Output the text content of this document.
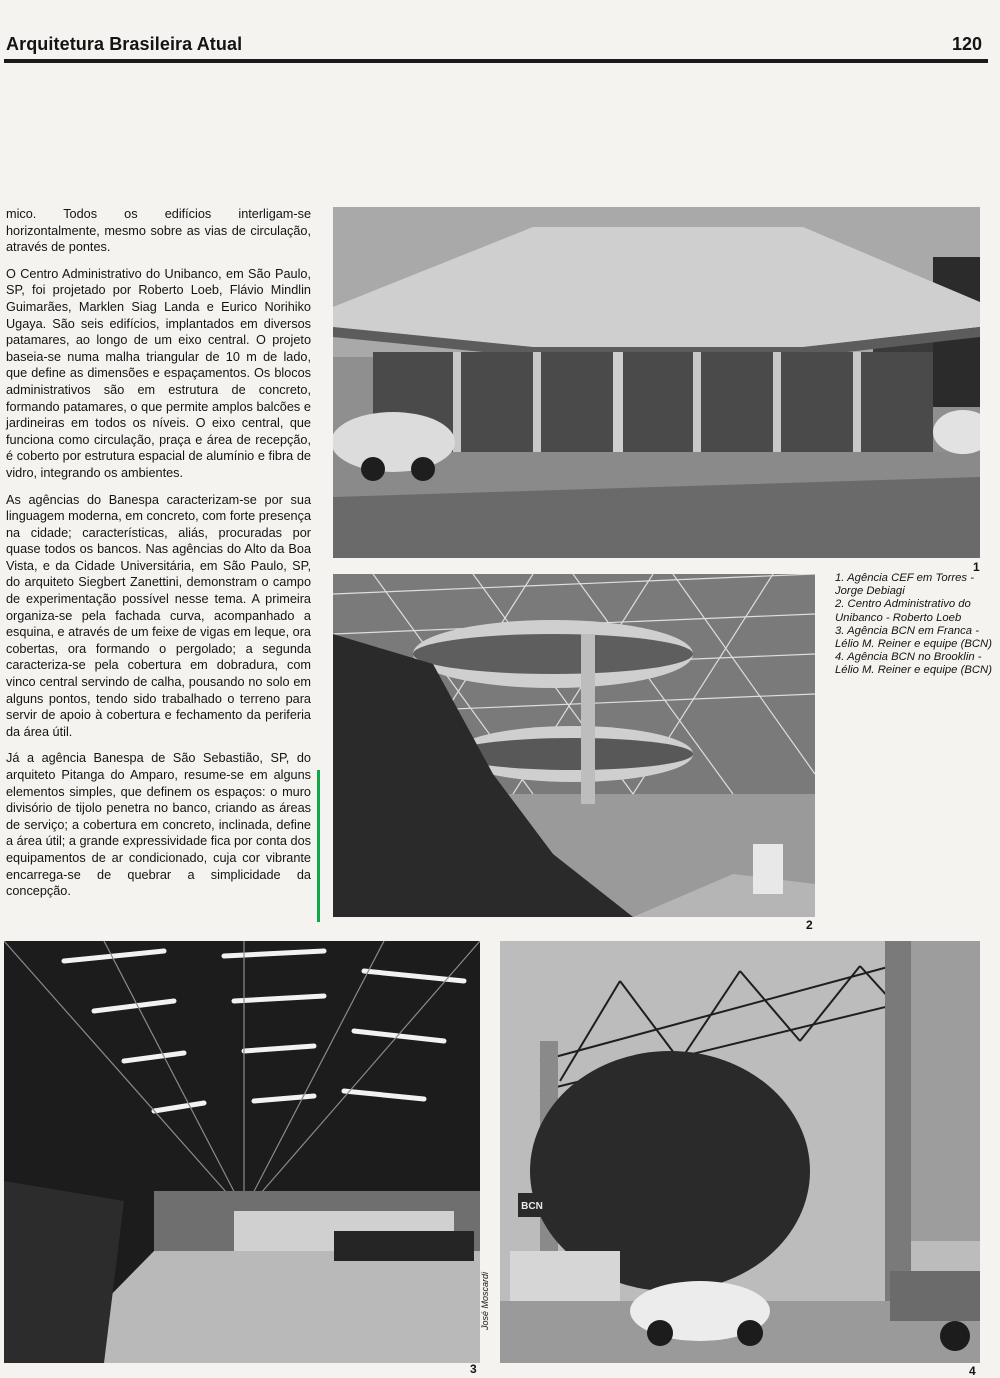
Arquitetura Brasileira Atual	120

mico. Todos os edifícios interligam-se horizontalmente, mesmo sobre as vias de circulação, através de pontes.

O Centro Administrativo do Unibanco, em São Paulo, SP, foi projetado por Roberto Loeb, Flávio Mindlin Guimarães, Marklen Siag Landa e Eurico Norihiko Ugaya. São seis edifícios, implantados em diversos patamares, ao longo de um eixo central. O projeto baseia-se numa malha triangular de 10 m de lado, que define as dimensões e espaçamentos. Os blocos administrativos são em estrutura de concreto, formando patamares, o que permite amplos balcões e jardineiras em todos os níveis. O eixo central, que funciona como circulação, praça e área de recepção, é coberto por estrutura espacial de alumínio e fibra de vidro, integrando os ambientes.

As agências do Banespa caracterizam-se por sua linguagem moderna, em concreto, com forte presença na cidade; características, aliás, procuradas por quase todos os bancos. Nas agências do Alto da Boa Vista, e da Cidade Universitária, em São Paulo, SP, do arquiteto Siegbert Zanettini, demonstram o campo de experimentação possível nesse tema. A primeira organiza-se pela fachada curva, acompanhado a esquina, e através de um feixe de vigas em leque, ora cobertas, ora formando o pergolado; a segunda caracteriza-se pela cobertura em dobradura, com vinco central servindo de calha, pousando no solo em alguns pontos, tendo sido trabalhado o terreno para servir de apoio à cobertura e fechamento da periferia da área útil.

Já a agência Banespa de São Sebastião, SP, do arquiteto Pitanga do Amparo, resume-se em alguns elementos simples, que definem os espaços: o muro divisório de tijolo penetra no banco, criando as áreas de serviço; a cobertura em concreto, inclinada, define a área útil; a grande expressividade fica por conta dos equipamentos de ar condicionado, cuja cor vibrante encarrega-se de quebrar a simplicidade da concepção.

1
2
1. Agência CEF em Torres - Jorge Debiagi
2. Centro Administrativo do Unibanco - Roberto Loeb
3. Agência BCN em Franca - Lélio M. Reiner e equipe (BCN)
4. Agência BCN no Brooklin - Lélio M. Reiner e equipe (BCN)
3
BCN
4
José Moscardi
